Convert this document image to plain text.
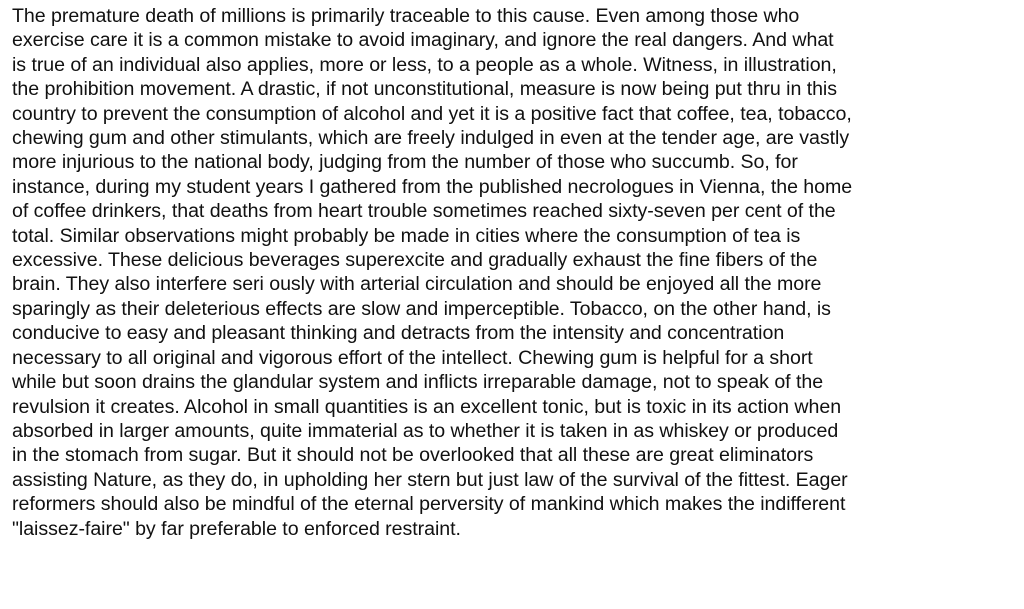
The premature death of millions is primarily traceable to this cause. Even among those who
exercise care it is a common mistake to avoid imaginary, and ignore the real dangers. And what
is true of an individual also applies, more or less, to a people as a whole. Witness, in illustration,
the prohibition movement. A drastic, if not unconstitutional, measure is now being put thru in this
country to prevent the consumption of alcohol and yet it is a positive fact that coffee, tea, tobacco,
chewing gum and other stimulants, which are freely indulged in even at the tender age, are vastly
more injurious to the national body, judging from the number of those who succumb. So, for
instance, during my student years I gathered from the published necrologues in Vienna, the home
of coffee drinkers, that deaths from heart trouble sometimes reached sixty-seven per cent of the
total. Similar observations might probably be made in cities where the consumption of tea is
excessive. These delicious beverages superexcite and gradually exhaust the fine fibers of the
brain. They also interfere seri ously with arterial circulation and should be enjoyed all the more
sparingly as their deleterious effects are slow and imperceptible. Tobacco, on the other hand, is
conducive to easy and pleasant thinking and detracts from the intensity and concentration
necessary to all original and vigorous effort of the intellect. Chewing gum is helpful for a short
while but soon drains the glandular system and inflicts irreparable damage, not to speak of the
revulsion it creates. Alcohol in small quantities is an excellent tonic, but is toxic in its action when
absorbed in larger amounts, quite immaterial as to whether it is taken in as whiskey or produced
in the stomach from sugar. But it should not be overlooked that all these are great eliminators
assisting Nature, as they do, in upholding her stern but just law of the survival of the fittest. Eager
reformers should also be mindful of the eternal perversity of mankind which makes the indifferent
"laissez-faire" by far preferable to enforced restraint.
